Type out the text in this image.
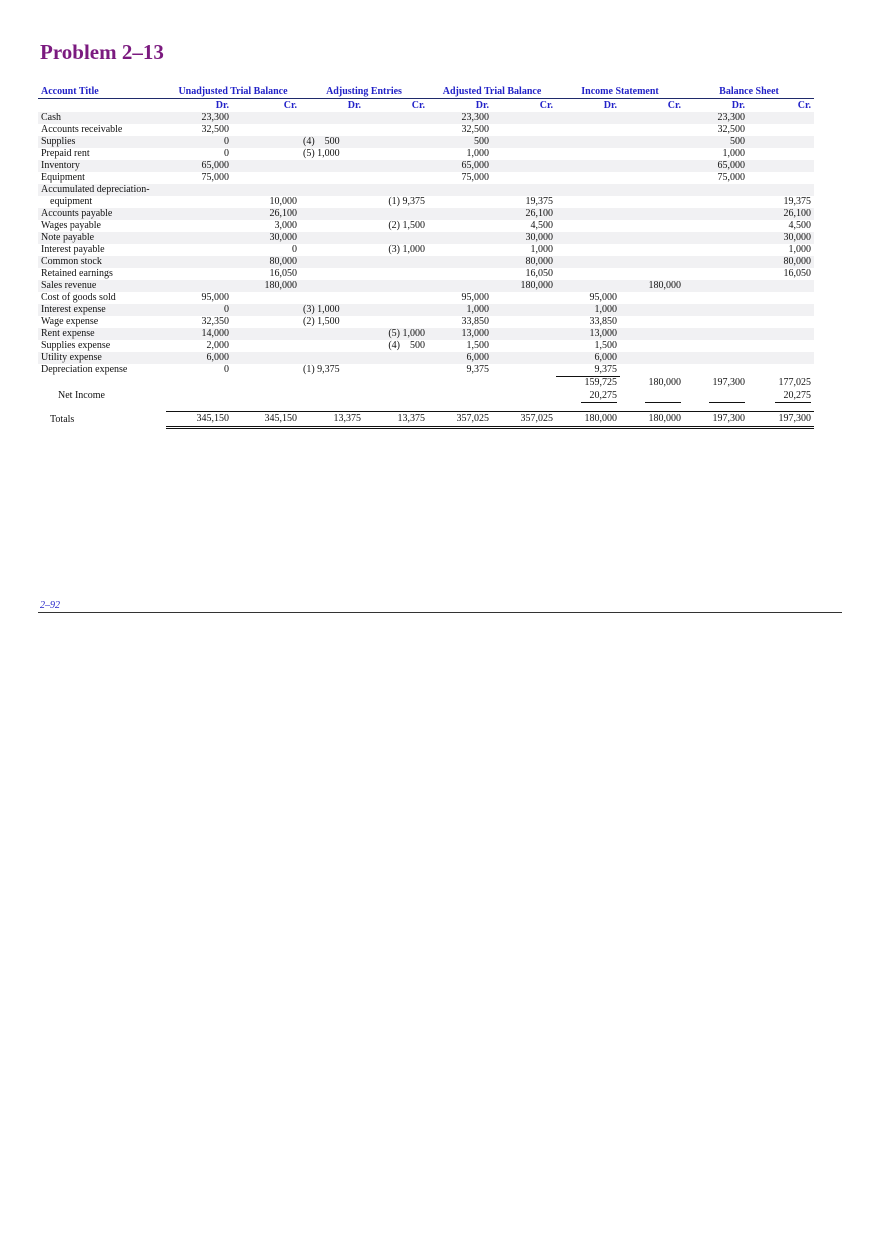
Problem 2–13
Account Title	Unadjusted Trial Balance		Adjusting Entries		Adjusted Trial Balance		Income Statement		Balance Sheet	
	Dr.	Cr.	Dr.	Cr.	Dr.	Cr.	Dr.	Cr.	Dr.	Cr.
Cash	23,300				23,300				23,300	
Accounts receivable	32,500				32,500				32,500	
Supplies	0		(4)    500		500				500	
Prepaid rent	0		(5) 1,000		1,000				1,000	
Inventory	65,000				65,000				65,000	
Equipment	75,000				75,000				75,000	
Accumulated depreciation-										
equipment		10,000		(1) 9,375		19,375				19,375
Accounts payable		26,100				26,100				26,100
Wages payable		3,000		(2) 1,500		4,500				4,500
Note payable		30,000				30,000				30,000
Interest payable		0		(3) 1,000		1,000				1,000
Common stock		80,000				80,000				80,000
Retained earnings		16,050				16,050				16,050
Sales revenue		180,000				180,000		180,000		
Cost of goods sold	95,000				95,000		95,000			
Interest expense	0		(3) 1,000		1,000		1,000			
Wage expense	32,350		(2) 1,500		33,850		33,850			
Rent expense	14,000			(5) 1,000	13,000		13,000			
Supplies expense	2,000			(4)    500	1,500		1,500			
Utility expense	6,000				6,000		6,000			
Depreciation expense	0		(1) 9,375		9,375		9,375			
							159,725	180,000	197,300	177,025
Net Income							20,275			20,275

Totals	345,150	345,150	13,375	13,375	357,025	357,025	180,000	180,000	197,300	197,300
2–92
